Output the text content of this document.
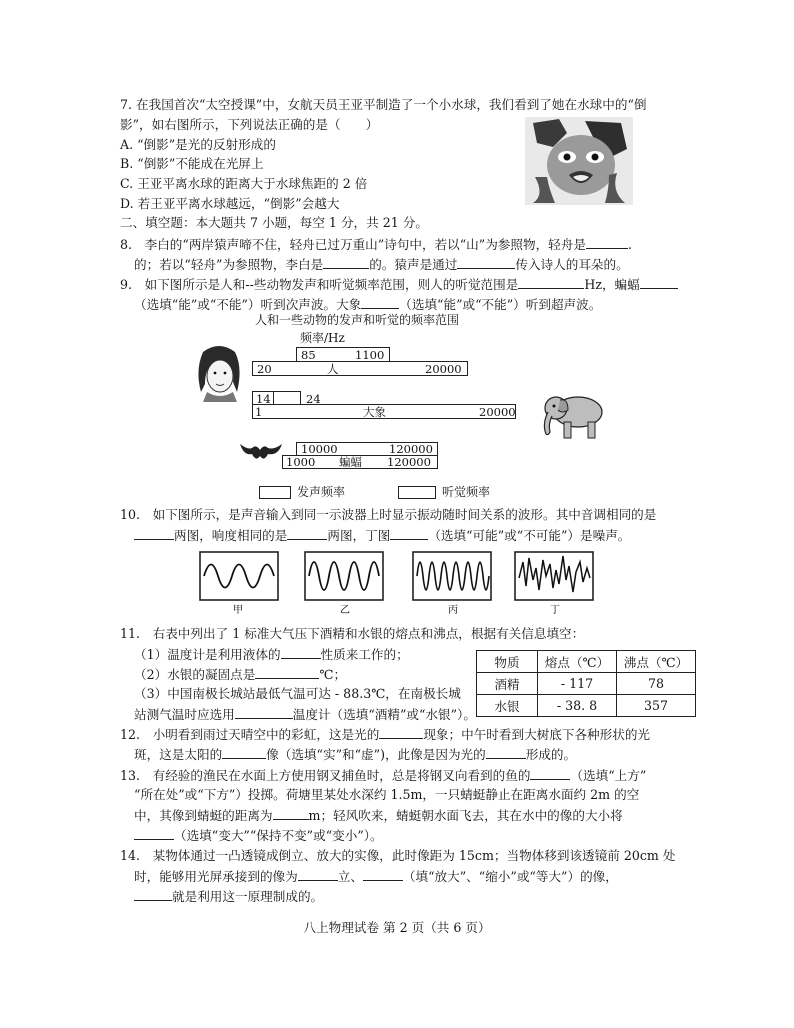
7. 在我国首次“太空授课”中，女航天员王亚平制造了一个小水球，我们看到了她在水球中的“倒
影”，如右图所示，下列说法正确的是（　　）
A. “倒影”是光的反射形成的
B. “倒影”不能成在光屏上
C. 王亚平离水球的距离大于水球焦距的 2 倍
D. 若王亚平离水球越远，“倒影”会越大
二、填空题：本大题共 7 小题，每空 1 分，共 21 分。
8.　李白的“两岸猿声啼不住，轻舟已过万重山”诗句中，若以“山”为参照物，轻舟是	.
的；若以“轻舟”为参照物，李白是	的。猿声是通过	传入诗人的耳朵的。
9.　如下图所示是人和--些动物发声和听觉频率范围，则人的听觉范围是	Hz，蝙蝠
（选填“能”或“不能”）听到次声波。大象	（选填“能”或“不能”）听到超声波。
人和一些动物的发声和听觉的频率范围
频率/Hz
85	1100
20	人	20000
14	24
1	大象	20000
10000	120000
1000 蝙蝠 120000
发声频率	听觉频率
10.　如下图所示，是声音输入到同一示波器上时显示振动随时间关系的波形。其中音调相同的是
两图，响度相同的是	两图，丁图	（选填“可能”或“不可能”）是噪声。
甲	乙	丙	丁
11.　右表中列出了 1 标准大气压下酒精和水银的熔点和沸点，根据有关信息填空：
（1）温度计是利用液体的	性质来工作的；
（2）水银的凝固点是	℃；
（3）中国南极长城站最低气温可达 - 88.3℃，在南极长城
站测气温时应选用	温度计（选填“酒精”或“水银”）。
物质	熔点（℃）	沸点（℃）
酒精	- 117	78
水银	- 38. 8	357
12.　小明看到雨过天晴空中的彩虹，这是光的	现象；中午时看到大树底下各种形状的光
斑，这是太阳的	像（选填“实”和“虚”)，此像是因为光的	形成的。
13.　有经验的渔民在水面上方使用钢叉捕鱼时，总是将钢叉向看到的鱼的	（选填“上方”
“所在处”或“下方”）投掷。荷塘里某处水深约 1.5m，一只蜻蜓静止在距离水面约 2m 的空
中，其像到蜻蜓的距离为	m；轻风吹来，蜻蜓朝水面飞去，其在水中的像的大小将
（选填“变大”“保持不变”或“变小”）。
14.　某物体通过一凸透镜成倒立、放大的实像，此时像距为 15cm；当物体移到该透镜前 20cm 处
时，能够用光屏承接到的像为	立、	（填“放大”、“缩小”或“等大”）的像，
就是利用这一原理制成的。
八上物理试卷 第 2 页（共 6 页）
